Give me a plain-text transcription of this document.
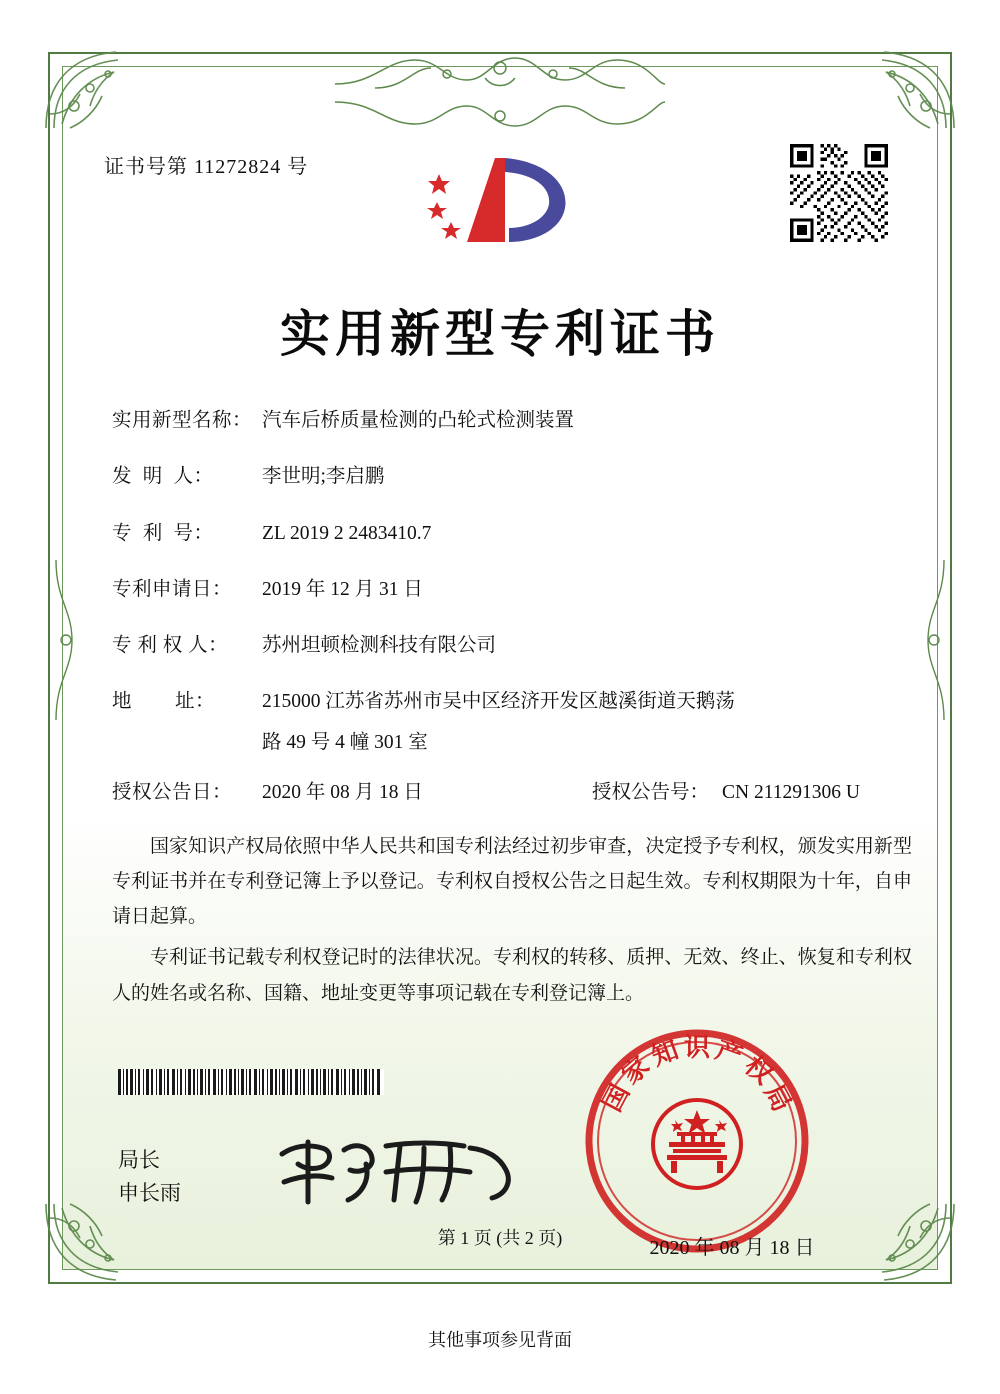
证书号第 11272824 号
实用新型专利证书
实用新型名称： 汽车后桥质量检测的凸轮式检测装置
发  明  人：	李世明;李启鹏
专  利  号：	ZL 2019 2 2483410.7
专利申请日：	2019 年 12 月 31 日
专 利 权 人：	苏州坦顿检测科技有限公司
地        址：	215000 江苏省苏州市吴中区经济开发区越溪街道天鹅荡
路 49 号 4 幢 301 室
授权公告日：	2020 年 08 月 18 日	授权公告号： CN 211291306 U

国家知识产权局依照中华人民共和国专利法经过初步审查，决定授予专利权，颁发实用新型专利证书并在专利登记簿上予以登记。专利权自授权公告之日起生效。专利权期限为十年，自申请日起算。

专利证书记载专利权登记时的法律状况。专利权的转移、质押、无效、终止、恢复和专利权人的姓名或名称、国籍、地址变更等事项记载在专利登记簿上。

局长
申长雨
国
家
知 识 产
权
局
2020 年 08 月 18 日
第 1 页 (共 2 页)
其他事项参见背面
